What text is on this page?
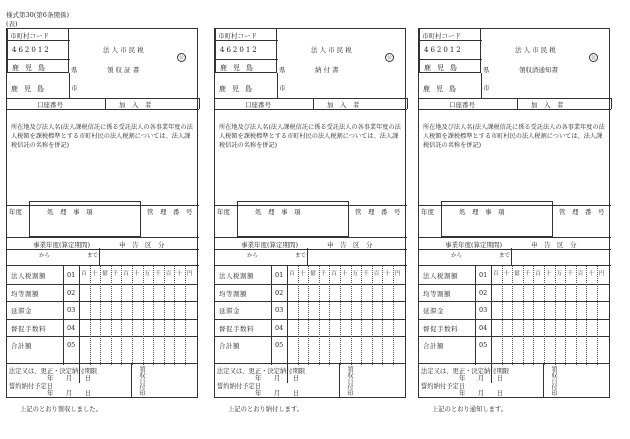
様式第30(第6条関係)
(表)
市町村コード
462012
鹿児島	県
鹿児島	市
法 人 市 民 税
領 収 証 書
公
口座番号	加　入　者
所在地及び法人名(法人課税信託に係る受託法人の各事業年度の法人税額を課税標準とする市町村民の法人税割については、法人課税信託の名称を併記)
年度	処　理　事　項	管　理　番　号
事業年度(算定期間)	申　告　区　分
から	まで
百 十 億 千 百 十 万 千 百 十 円
法人税割額	01
均等割額	02
延滞金	03
督促手数料	04
合計額	05
法定又は、更正・決定納付期限
年　　月　　日
誓約納付予定日
年　　月　　日
上記のとおり領収しました。
領収日付印
市町村コード
462012
鹿児島	県
鹿児島	市
法 人 市 民 税
納 付 書
公
口座番号	加　入　者
所在地及び法人名(法人課税信託に係る受託法人の各事業年度の法人税額を課税標準とする市町村民の法人税割については、法人課税信託の名称を併記)
年度	処　理　事　項	管　理　番　号
事業年度(算定期間)	申　告　区　分
から	まで
百 十 億 千 百 十 万 千 百 十 円
法人税割額	01
均等割額	02
延滞金	03
督促手数料	04
合計額	05
法定又は、更正・決定納付期限
年　　月　　日
誓約納付予定日
年　　月　　日
上記のとおり納付します。
領収日付印
市町村コード
462012
鹿児島	県
鹿児島	市
法 人 市 民 税
領収済通知書
公
口座番号	加　入　者
所在地及び法人名(法人課税信託に係る受託法人の各事業年度の法人税額を課税標準とする市町村民の法人税割については、法人課税信託の名称を併記)
年度	処　理　事　項	管　理　番　号
事業年度(算定期間)	申　告　区　分
から	まで
百 十 億 千 百 十 万 千 百 十 円
法人税割額	01
均等割額	02
延滞金	03
督促手数料	04
合計額	05
法定又は、更正・決定納付期限
年　　月　　日
誓約納付予定日
年　　月　　日
上記のとおり通知します。
領収日付印
